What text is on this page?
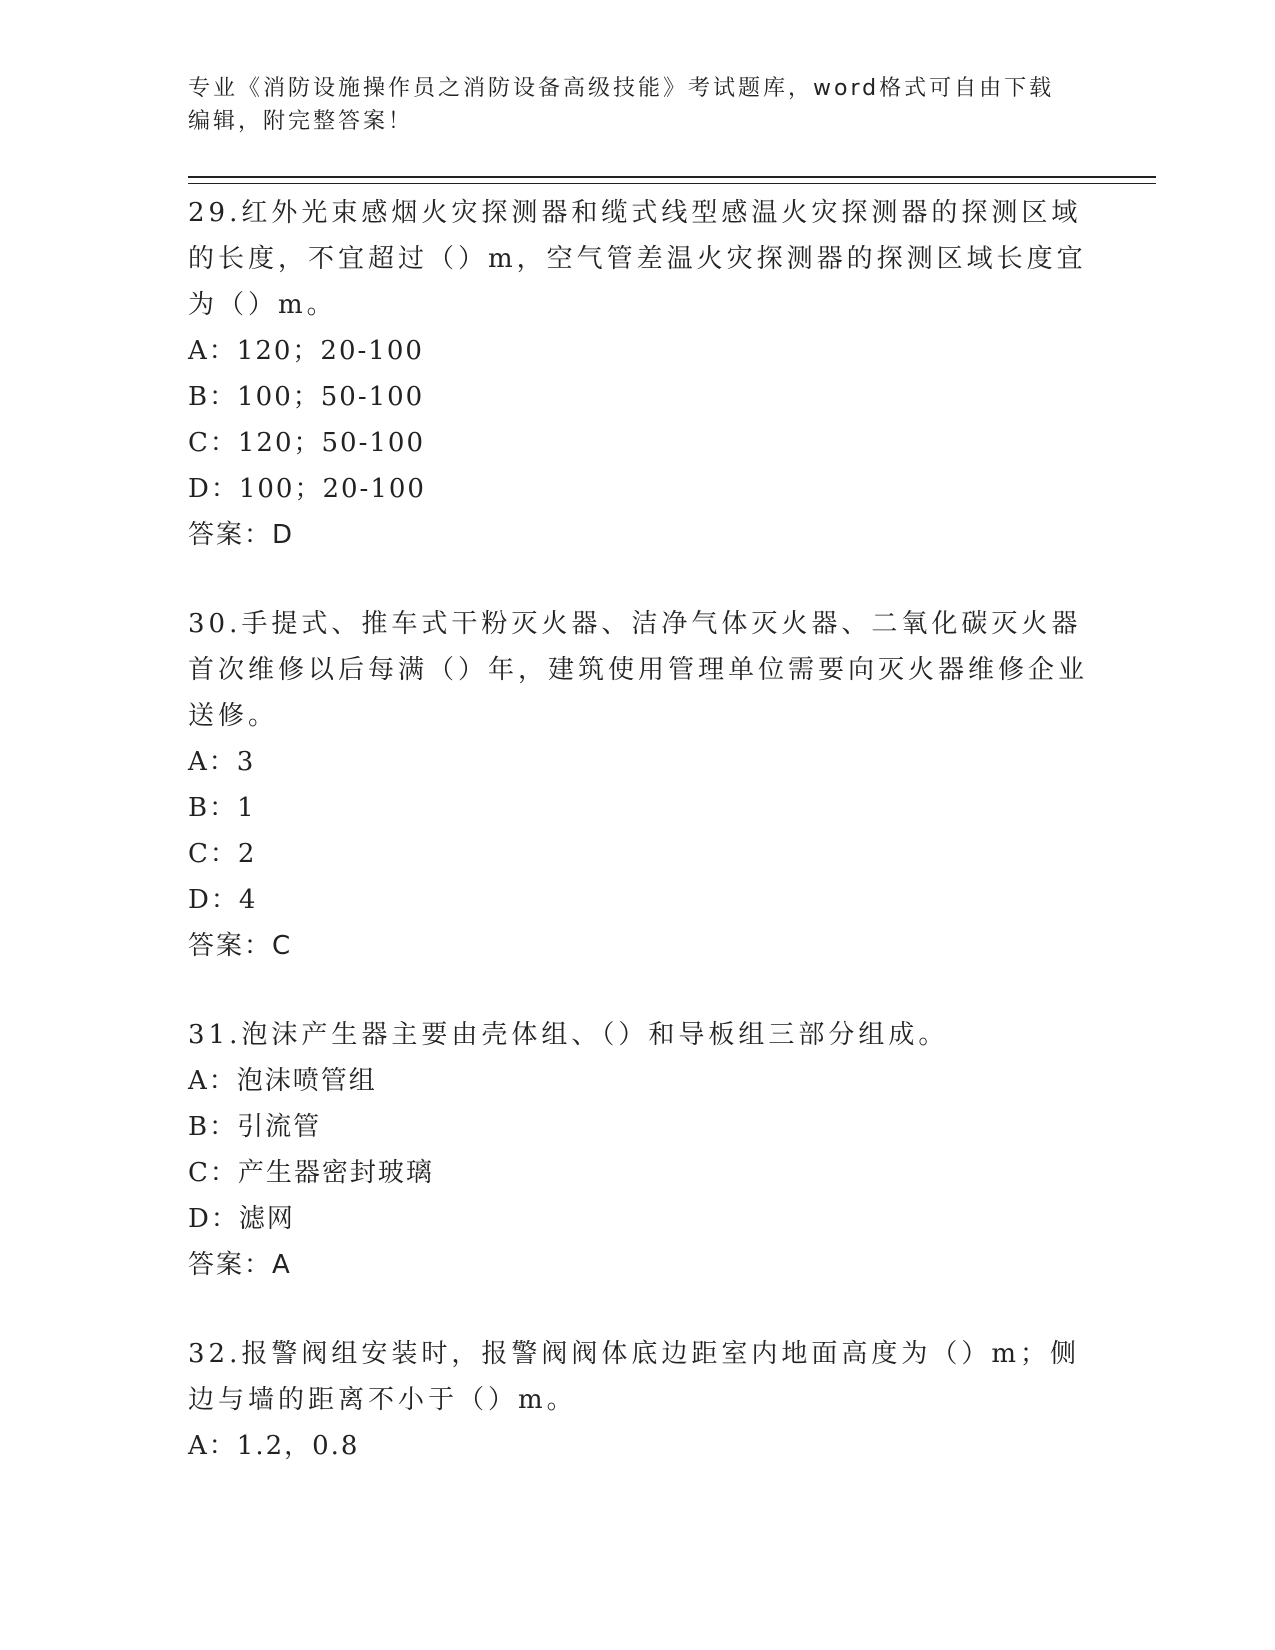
专业《消防设施操作员之消防设备高级技能》考试题库，word格式可自由下载编辑，附完整答案！

29.红外光束感烟火灾探测器和缆式线型感温火灾探测器的探测区域的长度，不宜超过（）m，空气管差温火灾探测器的探测区域长度宜为（）m。

A：120；20-100

B：100；50-100

C：120；50-100

D：100；20-100

答案：D

30.手提式、推车式干粉灭火器、洁净气体灭火器、二氧化碳灭火器首次维修以后每满（）年，建筑使用管理单位需要向灭火器维修企业送修。

A：3

B：1

C：2

D：4

答案：C

31.泡沫产生器主要由壳体组、（）和导板组三部分组成。

A：泡沫喷管组

B：引流管

C：产生器密封玻璃

D：滤网

答案：A

32.报警阀组安装时，报警阀阀体底边距室内地面高度为（）m；侧边与墙的距离不小于（）m。

A：1.2，0.8
